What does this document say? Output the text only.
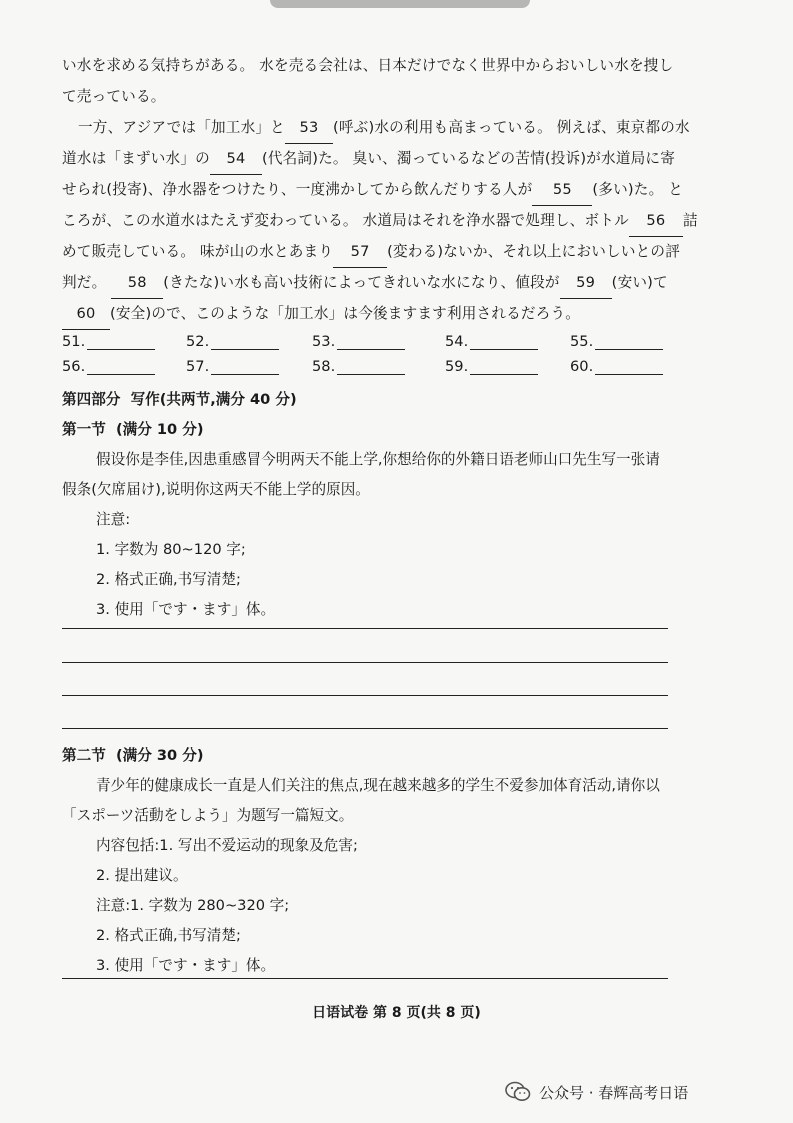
い水を求める気持ちがある。 水を売る会社は、日本だけでなく世界中からおいしい水を捜し
て売っている。
一方、アジアでは「加工水」と 53 (呼ぶ)水の利用も高まっている。 例えば、東京都の水
道水は「まずい水」の 54 (代名詞)た。 臭い、濁っているなどの苦情(投诉)が水道局に寄
せられ(投寄)、净水器をつけたり、一度沸かしてから飲んだりする人が 55 (多い)た。 と
ころが、この水道水はたえず変わっている。 水道局はそれを浄水器で処理し、ボトル 56 詰
めて販売している。 味が山の水とあまり 57 (変わる)ないか、それ以上においしいとの評
判だ。 58 (きたな)い水も高い技術によってきれいな水になり、値段が 59 (安い)て
60 (安全)ので、このような「加工水」は今後ますます利用されるだろう。
51.	52.	53.	54.	55.
56.	57.	58.	59.	60.
第四部分 写作(共两节,满分 40 分)
第一节 (满分 10 分)
假设你是李佳,因患重感冒今明两天不能上学,你想给你的外籍日语老师山口先生写一张请
假条(欠席届け),说明你这两天不能上学的原因。
注意:
1. 字数为 80~120 字;
2. 格式正确,书写清楚;
3. 使用「です・ます」体。
第二节 (满分 30 分)
青少年的健康成长一直是人们关注的焦点,现在越来越多的学生不爱参加体育活动,请你以
「スポーツ活動をしよう」为题写一篇短文。
内容包括:1. 写出不爱运动的现象及危害;
2. 提出建议。
注意:1. 字数为 280~320 字;
2. 格式正确,书写清楚;
3. 使用「です・ます」体。
日语试卷 第 8 页(共 8 页)
公众号 · 春辉高考日语
